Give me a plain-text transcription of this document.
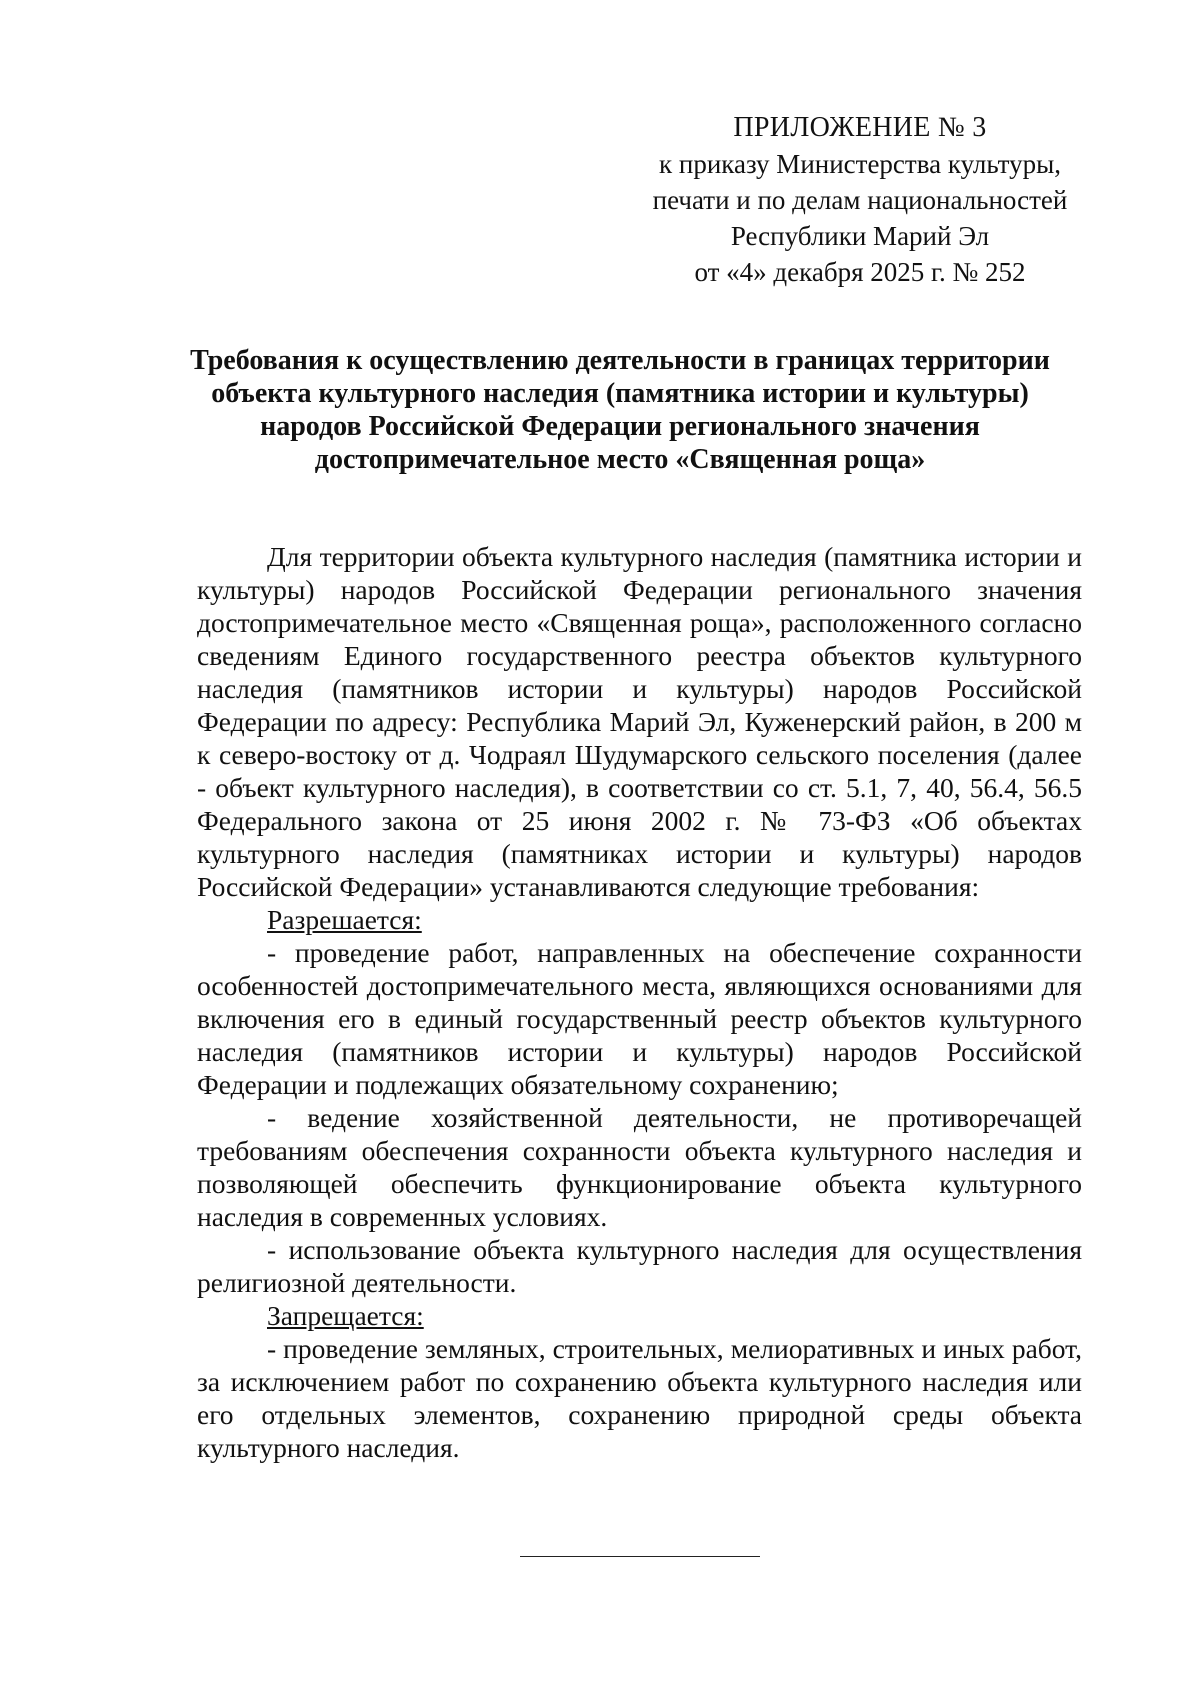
ПРИЛОЖЕНИЕ № 3
к приказу Министерства культуры,
печати и по делам национальностей
Республики Марий Эл
от «4» декабря 2025 г. № 252
Требования к осуществлению деятельности в границах территории
объекта культурного наследия (памятника истории и культуры)
народов Российской Федерации регионального значения
достопримечательное место «Священная роща»

Для территории объекта культурного наследия (памятника истории и культуры) народов Российской Федерации регионального значения достопримечательное место «Священная роща», расположенного согласно сведениям Единого государственного реестра объектов культурного наследия (памятников истории и культуры) народов Российской Федерации по адресу: Республика Марий Эл, Куженерский район, в 200 м к северо-востоку от д. Чодраял Шудумарского сельского поселения (далее - объект культурного наследия), в соответствии со ст. 5.1, 7, 40, 56.4, 56.5 Федерального закона от 25 июня 2002 г. № 73-ФЗ «Об объектах культурного наследия (памятниках истории и культуры) народов Российской Федерации» устанавливаются следующие требования:

Разрешается:

- проведение работ, направленных на обеспечение сохранности особенностей достопримечательного места, являющихся основаниями для включения его в единый государственный реестр объектов культурного наследия (памятников истории и культуры) народов Российской Федерации и подлежащих обязательному сохранению;

- ведение хозяйственной деятельности, не противоречащей требованиям обеспечения сохранности объекта культурного наследия и позволяющей обеспечить функционирование объекта культурного наследия в современных условиях.

- использование объекта культурного наследия для осуществления религиозной деятельности.

Запрещается:

- проведение земляных, строительных, мелиоративных и иных работ, за исключением работ по сохранению объекта культурного наследия или его отдельных элементов, сохранению природной среды объекта культурного наследия.
